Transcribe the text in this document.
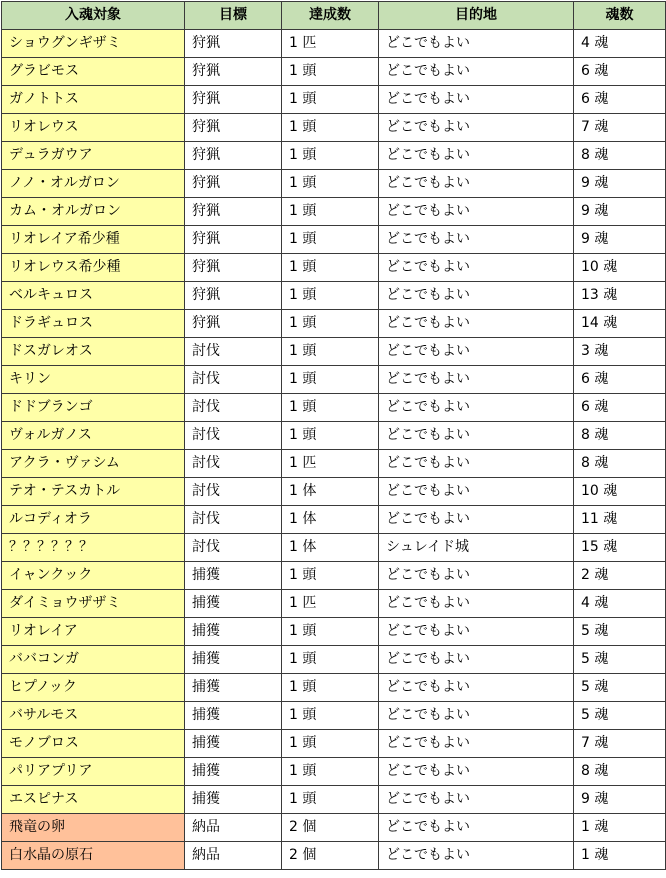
入魂対象	目標	達成数	目的地	魂数
ショウグンギザミ	狩猟	1 匹	どこでもよい	4 魂
グラビモス	狩猟	1 頭	どこでもよい	6 魂
ガノトトス	狩猟	1 頭	どこでもよい	6 魂
リオレウス	狩猟	1 頭	どこでもよい	7 魂
デュラガウア	狩猟	1 頭	どこでもよい	8 魂
ノノ・オルガロン	狩猟	1 頭	どこでもよい	9 魂
カム・オルガロン	狩猟	1 頭	どこでもよい	9 魂
リオレイア希少種	狩猟	1 頭	どこでもよい	9 魂
リオレウス希少種	狩猟	1 頭	どこでもよい	10 魂
ベルキュロス	狩猟	1 頭	どこでもよい	13 魂
ドラギュロス	狩猟	1 頭	どこでもよい	14 魂
ドスガレオス	討伐	1 頭	どこでもよい	3 魂
キリン	討伐	1 頭	どこでもよい	6 魂
ドドブランゴ	討伐	1 頭	どこでもよい	6 魂
ヴォルガノス	討伐	1 頭	どこでもよい	8 魂
アクラ・ヴァシム	討伐	1 匹	どこでもよい	8 魂
テオ・テスカトル	討伐	1 体	どこでもよい	10 魂
ルコディオラ	討伐	1 体	どこでもよい	11 魂
？？？？？？	討伐	1 体	シュレイド城	15 魂
イャンクック	捕獲	1 頭	どこでもよい	2 魂
ダイミョウザザミ	捕獲	1 匹	どこでもよい	4 魂
リオレイア	捕獲	1 頭	どこでもよい	5 魂
ババコンガ	捕獲	1 頭	どこでもよい	5 魂
ヒプノック	捕獲	1 頭	どこでもよい	5 魂
バサルモス	捕獲	1 頭	どこでもよい	5 魂
モノブロス	捕獲	1 頭	どこでもよい	7 魂
パリアプリア	捕獲	1 頭	どこでもよい	8 魂
エスピナス	捕獲	1 頭	どこでもよい	9 魂
飛竜の卵	納品	2 個	どこでもよい	1 魂
白水晶の原石	納品	2 個	どこでもよい	1 魂
